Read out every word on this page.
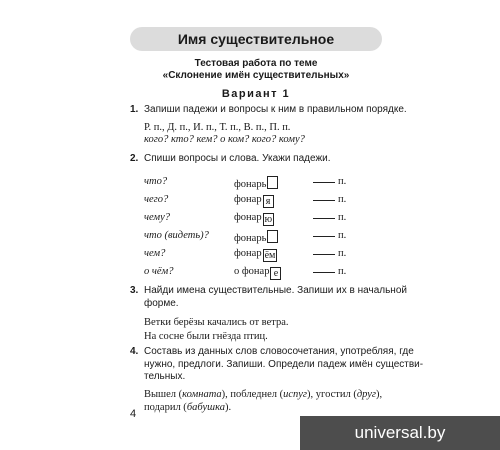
Имя существительное
Тестовая работа по теме
«Склонение имён существительных»
Вариант 1
1. Запиши падежи и вопросы к ним в правильном порядке.
Р. п., Д. п., И. п., Т. п., В. п., П. п.
кого? кто? кем? о ком? кого? кому?
2. Спиши вопросы и слова. Укажи падежи.
что?	фонарь	п.
чего?	фонар я	п.
чему?	фонар ю	п.
что (видеть)? фонарь	п.
чем?	фонар ём	п.
о чём?	о фонар е	п.
3. Найди имена существительные. Запиши их в начальной
форме.
Ветки берёзы качались от ветра.
На сосне были гнёзда птиц.
4. Составь из данных слов словосочетания, употребляя, где
нужно, предлоги. Запиши. Определи падеж имён существи-
тельных.
Вышел (комната), побледнел (испуг), угостил (друг),
подарил (бабушка).
4
universal.by
